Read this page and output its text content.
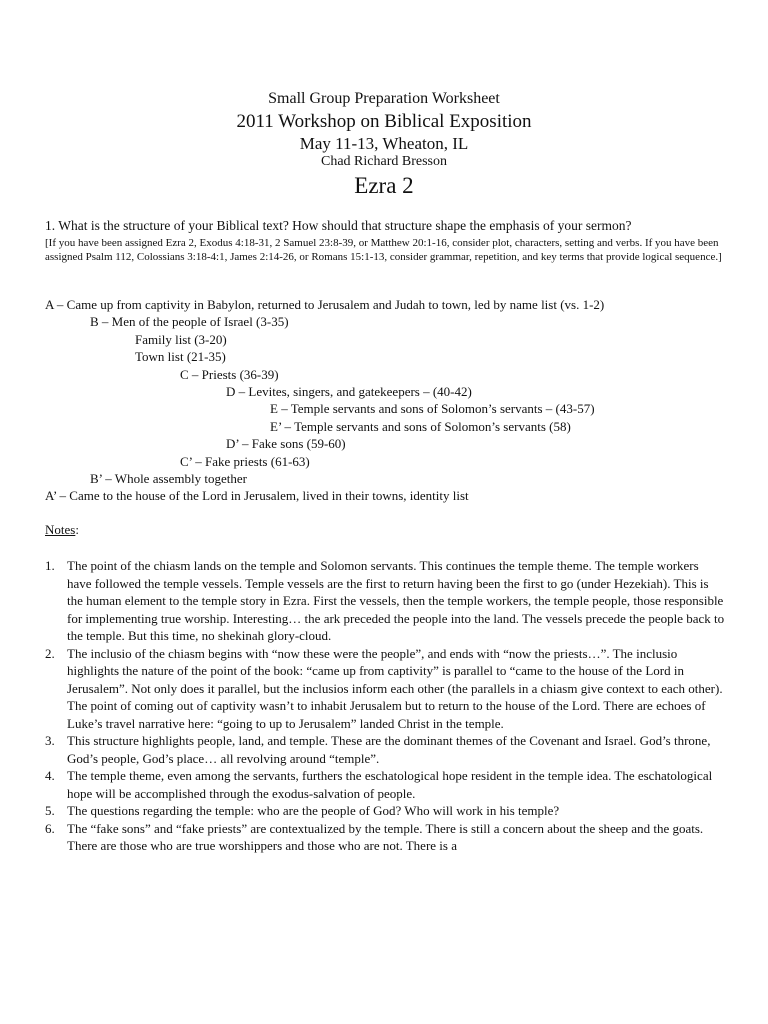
Small Group Preparation Worksheet
2011 Workshop on Biblical Exposition
May 11-13, Wheaton, IL
Chad Richard Bresson
Ezra 2
1. What is the structure of your Biblical text? How should that structure shape the emphasis of your sermon?
[If you have been assigned Ezra 2, Exodus 4:18-31, 2 Samuel 23:8-39, or Matthew 20:1-16, consider plot, characters, setting and verbs. If you have been assigned Psalm 112, Colossians 3:18-4:1, James 2:14-26, or Romans 15:1-13, consider grammar, repetition, and key terms that provide logical sequence.]
A – Came up from captivity in Babylon, returned to Jerusalem and Judah to town, led by name list (vs. 1-2)
B – Men of the people of Israel (3-35)
Family list (3-20)
Town list (21-35)
C – Priests (36-39)
D – Levites, singers, and gatekeepers – (40-42)
E – Temple servants and sons of Solomon’s servants – (43-57)
E’ – Temple servants and sons of Solomon’s servants (58)
D’ – Fake sons (59-60)
C’ – Fake priests (61-63)
B’ – Whole assembly together
A’ – Came to the house of the Lord in Jerusalem, lived in their towns, identity list
Notes:
1. The point of the chiasm lands on the temple and Solomon servants. This continues the temple theme. The temple workers have followed the temple vessels. Temple vessels are the first to return having been the first to go (under Hezekiah). This is the human element to the temple story in Ezra. First the vessels, then the temple workers, the temple people, those responsible for implementing true worship. Interesting… the ark preceded the people into the land. The vessels precede the people back to the temple. But this time, no shekinah glory-cloud.
2. The inclusio of the chiasm begins with “now these were the people”, and ends with “now the priests…”. The inclusio highlights the nature of the point of the book: “came up from captivity” is parallel to “came to the house of the Lord in Jerusalem”. Not only does it parallel, but the inclusios inform each other (the parallels in a chiasm give context to each other). The point of coming out of captivity wasn’t to inhabit Jerusalem but to return to the house of the Lord. There are echoes of Luke’s travel narrative here: “going to up to Jerusalem” landed Christ in the temple.
3. This structure highlights people, land, and temple. These are the dominant themes of the Covenant and Israel. God’s throne, God’s people, God’s place… all revolving around “temple”.
4. The temple theme, even among the servants, furthers the eschatological hope resident in the temple idea. The eschatological hope will be accomplished through the exodus-salvation of people.
5. The questions regarding the temple: who are the people of God? Who will work in his temple?
6. The “fake sons” and “fake priests” are contextualized by the temple. There is still a concern about the sheep and the goats. There are those who are true worshippers and those who are not. There is a
